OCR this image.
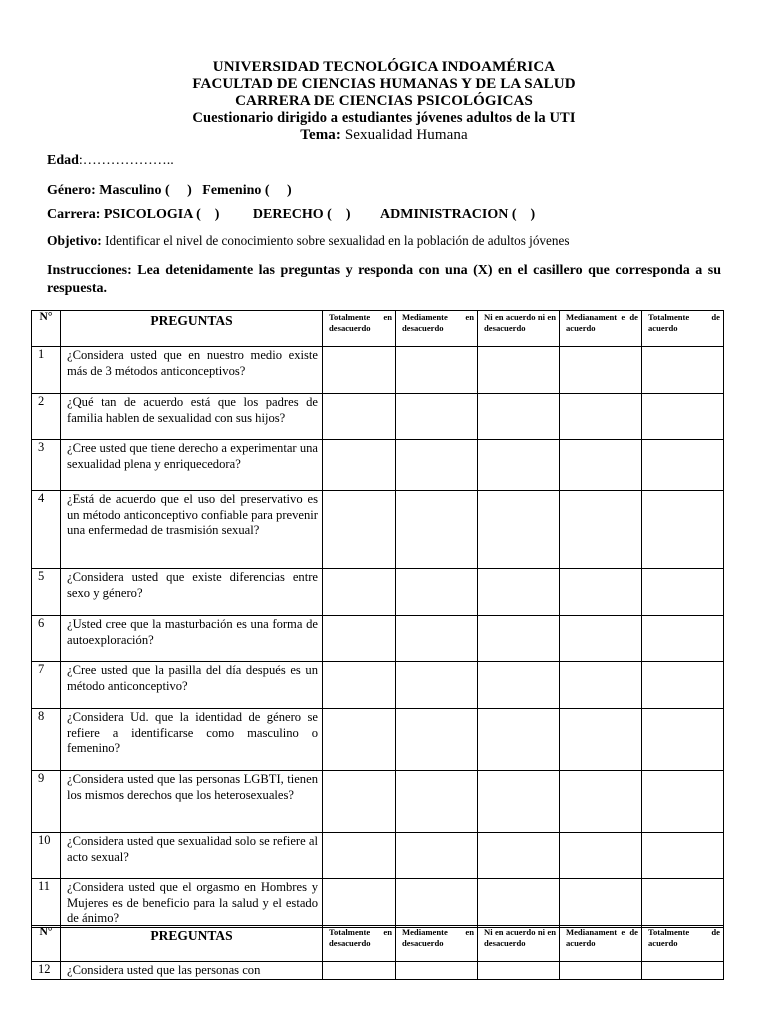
UNIVERSIDAD TECNOLÓGICA INDOAMÉRICA
FACULTAD DE CIENCIAS HUMANAS Y DE LA SALUD
CARRERA DE CIENCIAS PSICOLÓGICAS
Cuestionario dirigido a estudiantes jóvenes adultos de la UTI
Tema: Sexualidad Humana
Edad:………………..
Género: Masculino (     )   Femenino (     )
Carrera: PSICOLOGIA (    ) DERECHO (    ) ADMINISTRACION (    )
Objetivo: Identificar el nivel de conocimiento sobre sexualidad en la población de adultos jóvenes
Instrucciones: Lea detenidamente las preguntas y responda con una (X) en el casillero que corresponda a su respuesta.
N°	PREGUNTAS	Totalmente en desacuerdo	Mediamente en desacuerdo	Ni en acuerdo ni en desacuerdo	Medianament e de acuerdo	Totalmente de acuerdo
1	¿Considera usted que en nuestro medio existe más de 3 métodos anticonceptivos?					
2	¿Qué tan de acuerdo está que los padres de familia hablen de sexualidad con sus hijos?					
3	¿Cree usted que tiene derecho a experimentar una sexualidad plena y enriquecedora?					
4	¿Está de acuerdo que el uso del preservativo es un método anticonceptivo confiable para prevenir una enfermedad de trasmisión sexual?					
5	¿Considera usted que existe diferencias entre sexo y género?					
6	¿Usted cree que la masturbación es una forma de autoexploración?					
7	¿Cree usted que la pasilla del día después es un método anticonceptivo?					
8	¿Considera Ud. que la identidad de género se refiere a identificarse como masculino o femenino?					
9	¿Considera usted que las personas LGBTI, tienen los mismos derechos que los heterosexuales?					
10	¿Considera usted que sexualidad solo se refiere al acto sexual?					
11	¿Considera usted que el orgasmo en Hombres y Mujeres es de beneficio para la salud y el estado de ánimo?					
N°	PREGUNTAS	Totalmente en desacuerdo	Mediamente en desacuerdo	Ni en acuerdo ni en desacuerdo	Medianament e de acuerdo	Totalmente de acuerdo
12	¿Considera usted que las personas con					
